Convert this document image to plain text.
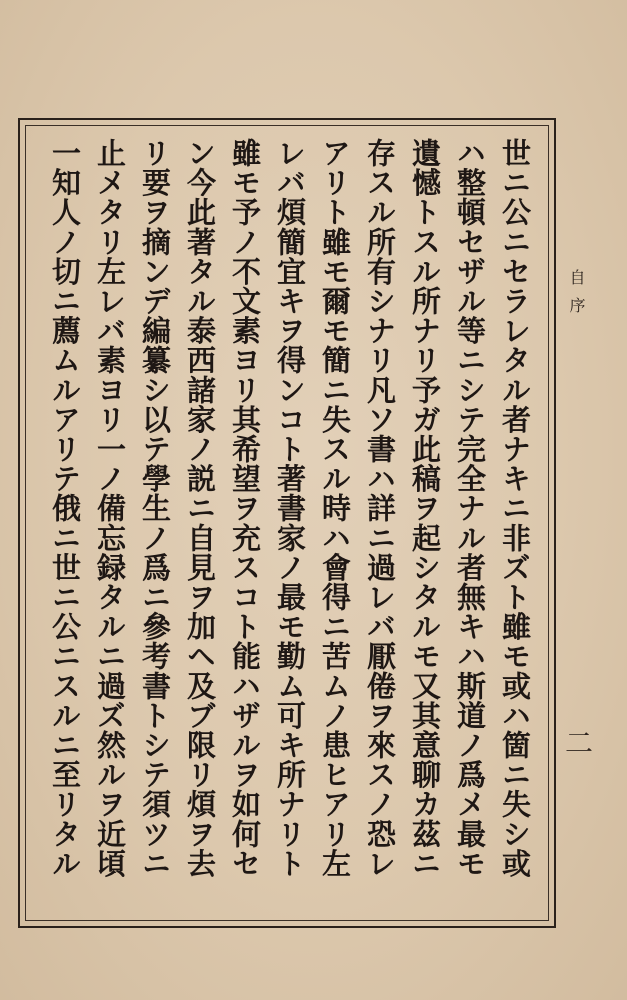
世ニ公ニセラレタル者ナキニ非ズト雖モ或ハ箇ニ失シ或
ハ整頓セザル等ニシテ完全ナル者無キハ斯道ノ爲メ最モ
遺憾トスル所ナリ予ガ此稿ヲ起シタルモ又其意聊カ茲ニ
存スル所有シナリ凡ソ書ハ詳ニ過レバ厭倦ヲ來スノ恐レ
アリト雖モ爾モ簡ニ失スル時ハ會得ニ苦ムノ患ヒアリ左
レバ煩簡宜キヲ得ンコト著書家ノ最モ勤ム可キ所ナリト
雖モ予ノ不文素ヨリ其希望ヲ充スコト能ハザルヲ如何セ
ン今此著タル泰西諸家ノ説ニ自見ヲ加ヘ及ブ限リ煩ヲ去
リ要ヲ摘ンデ編纂シ以テ學生ノ爲ニ參考書トシテ須ツニ
止メタリ左レバ素ヨリ一ノ備忘録タルニ過ズ然ルヲ近頃
一知人ノ切ニ薦ムルアリテ俄ニ世ニ公ニスルニ至リタル	自序
二
